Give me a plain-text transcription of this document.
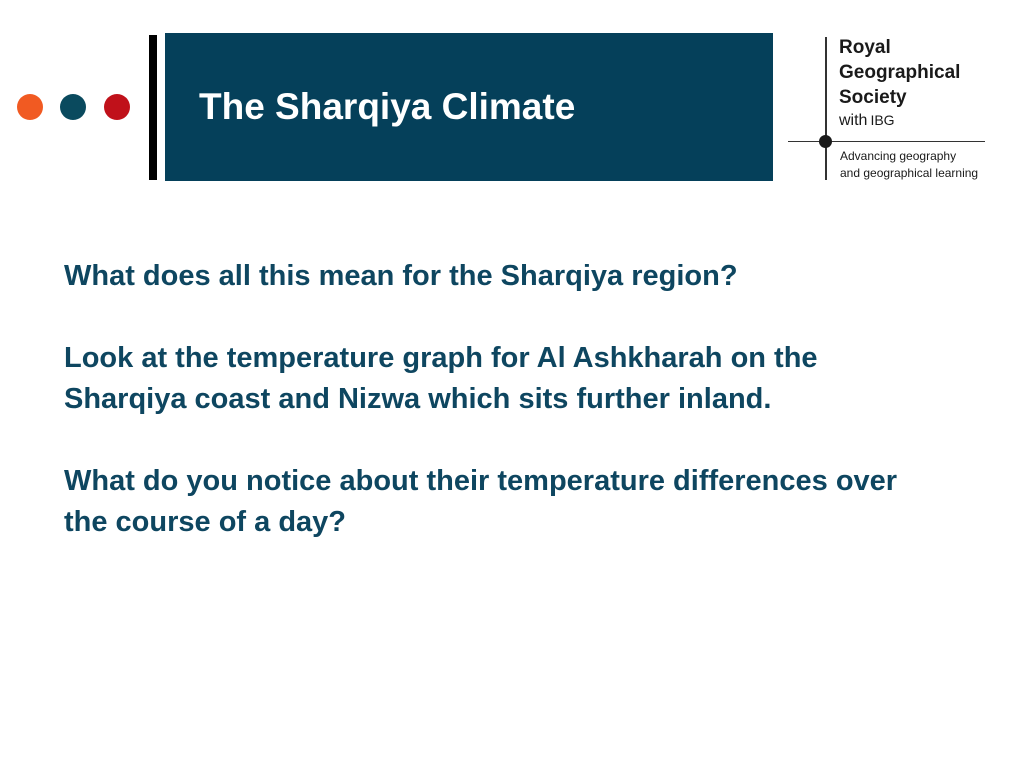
The Sharqiya Climate
Royal
Geographical
Society
with IBG
Advancing geography
and geographical learning

What does all this mean for the Sharqiya region?

Look at the temperature graph for Al Ashkharah on the Sharqiya coast and Nizwa which sits further inland.

What do you notice about their temperature differences over the course of a day?
